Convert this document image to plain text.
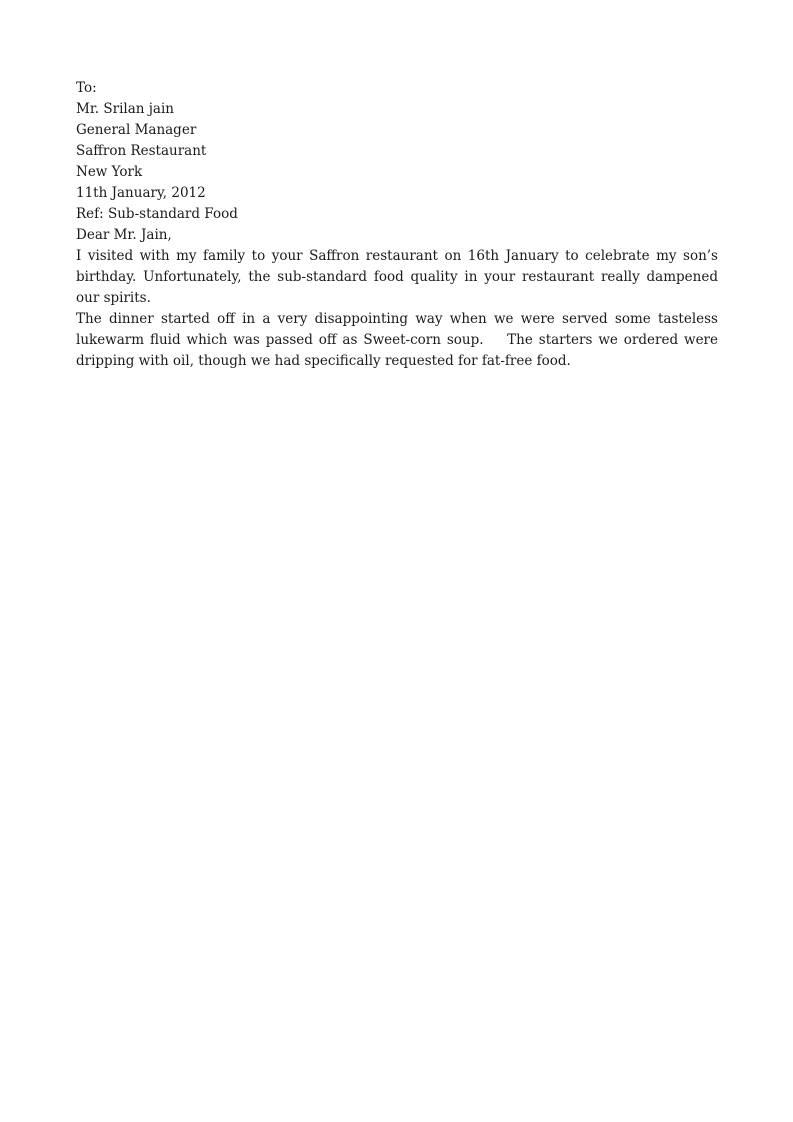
To:
Mr. Srilan jain
General Manager
Saffron Restaurant
New York
11th January, 2012
Ref: Sub-standard Food
Dear Mr. Jain,
I visited with my family to your Saffron restaurant on 16th January to celebrate my son’s birthday. Unfortunately, the sub-standard food quality in your restaurant really dampened our spirits.
The dinner started off in a very disappointing way when we were served some tasteless lukewarm fluid which was passed off as Sweet-corn soup.    The starters we ordered were dripping with oil, though we had specifically requested for fat-free food.
